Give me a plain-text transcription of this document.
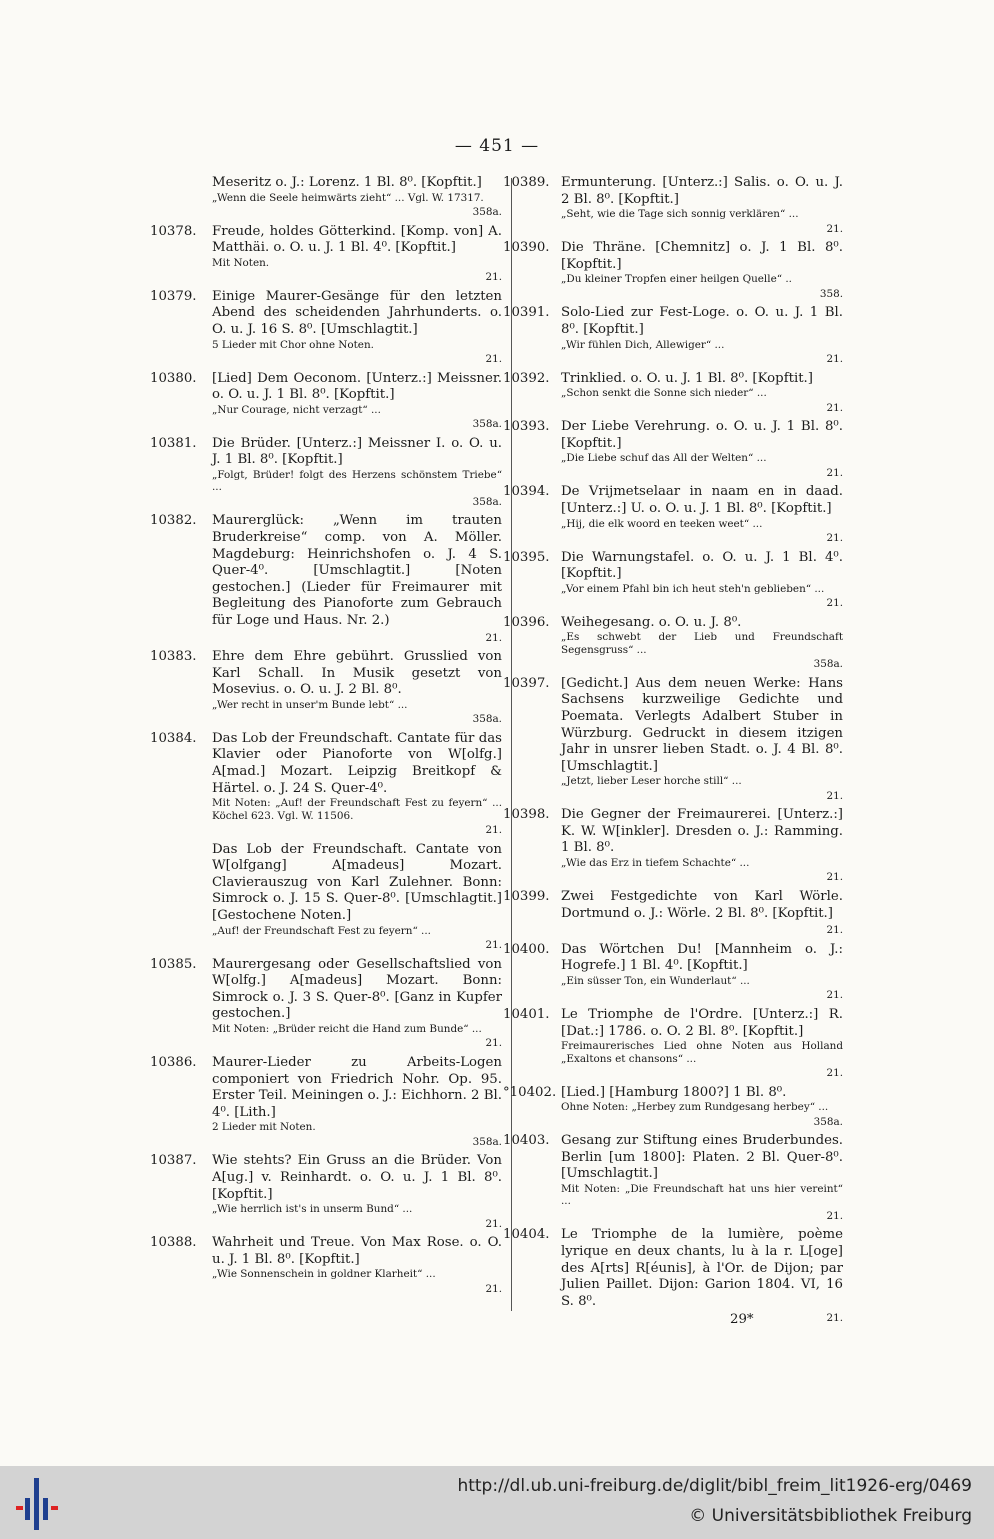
— 451 —
Meseritz o. J.: Lorenz. 1 Bl. 8⁰. [Kopftit.]
„Wenn die Seele heimwärts zieht“ ... Vgl. W. 17317.
358a.
10378.	Freude, holdes Götterkind. [Komp. von] A. Matthäi. o. O. u. J. 1 Bl. 4⁰. [Kopftit.]
Mit Noten.
21.
10379.	Einige Maurer-Gesänge für den letzten Abend des scheidenden Jahrhunderts. o. O. u. J. 16 S. 8⁰. [Umschlagtit.]
5 Lieder mit Chor ohne Noten.
21.
10380.	[Lied] Dem Oeconom. [Unterz.:] Meissner. o. O. u. J. 1 Bl. 8⁰. [Kopftit.]
„Nur Courage, nicht verzagt“ ...
358a.
10381.	Die Brüder. [Unterz.:] Meissner I. o. O. u. J. 1 Bl. 8⁰. [Kopftit.]
„Folgt, Brüder! folgt des Herzens schönstem Triebe“ ...
358a.
10382.	Maurerglück: „Wenn im trauten Bruderkreise“ comp. von A. Möller. Magdeburg: Heinrichshofen o. J. 4 S. Quer-4⁰. [Umschlagtit.] [Noten gestochen.] (Lieder für Freimaurer mit Begleitung des Pianoforte zum Gebrauch für Loge und Haus. Nr. 2.)
21.
10383.	Ehre dem Ehre gebührt. Grusslied von Karl Schall. In Musik gesetzt von Mosevius. o. O. u. J. 2 Bl. 8⁰.
„Wer recht in unser'm Bunde lebt“ ...
358a.
10384.	Das Lob der Freundschaft. Cantate für das Klavier oder Pianoforte von W[olfg.] A[mad.] Mozart. Leipzig Breitkopf & Härtel. o. J. 24 S. Quer-4⁰.
Mit Noten: „Auf! der Freundschaft Fest zu feyern“ ... Köchel 623. Vgl. W. 11506.
21.
Das Lob der Freundschaft. Cantate von W[olfgang] A[madeus] Mozart. Clavierauszug von Karl Zulehner. Bonn: Simrock o. J. 15 S. Quer-8⁰. [Umschlagtit.] [Gestochene Noten.]
„Auf! der Freundschaft Fest zu feyern“ ...
21.
10385.	Maurergesang oder Gesellschaftslied von W[olfg.] A[madeus] Mozart. Bonn: Simrock o. J. 3 S. Quer-8⁰. [Ganz in Kupfer gestochen.]
Mit Noten: „Brüder reicht die Hand zum Bunde“ ...
21.
10386.	Maurer-Lieder zu Arbeits-Logen componiert von Friedrich Nohr. Op. 95. Erster Teil. Meiningen o. J.: Eichhorn. 2 Bl. 4⁰. [Lith.]
2 Lieder mit Noten.
358a.
10387.	Wie stehts? Ein Gruss an die Brüder. Von A[ug.] v. Reinhardt. o. O. u. J. 1 Bl. 8⁰. [Kopftit.]
„Wie herrlich ist's in unserm Bund“ ...
21.
10388.	Wahrheit und Treue. Von Max Rose. o. O. u. J. 1 Bl. 8⁰. [Kopftit.]
„Wie Sonnenschein in goldner Klarheit“ ...
21.
10389. Ermunterung. [Unterz.:] Salis. o. O. u. J. 2 Bl. 8⁰. [Kopftit.]
„Seht, wie die Tage sich sonnig verklären“ ...
21.
10390. Die Thräne. [Chemnitz] o. J. 1 Bl. 8⁰. [Kopftit.]
„Du kleiner Tropfen einer heilgen Quelle“ ..
358.
10391. Solo-Lied zur Fest-Loge. o. O. u. J. 1 Bl. 8⁰. [Kopftit.]
„Wir fühlen Dich, Allewiger“ ...
21.
10392. Trinklied. o. O. u. J. 1 Bl. 8⁰. [Kopftit.]
„Schon senkt die Sonne sich nieder“ ...
21.
10393. Der Liebe Verehrung. o. O. u. J. 1 Bl. 8⁰. [Kopftit.]
„Die Liebe schuf das All der Welten“ ...
21.
10394. De Vrijmetselaar in naam en in daad. [Unterz.:] U. o. O. u. J. 1 Bl. 8⁰. [Kopftit.]
„Hij, die elk woord en teeken weet“ ...
21.
10395. Die Warnungstafel. o. O. u. J. 1 Bl. 4⁰. [Kopftit.]
„Vor einem Pfahl bin ich heut steh'n geblieben“ ...
21.
10396. Weihegesang. o. O. u. J. 8⁰.
„Es schwebt der Lieb und Freundschaft Segensgruss“ ...
358a.
10397. [Gedicht.] Aus dem neuen Werke: Hans Sachsens kurzweilige Gedichte und Poemata. Verlegts Adalbert Stuber in Würzburg. Gedruckt in diesem itzigen Jahr in unsrer lieben Stadt. o. J. 4 Bl. 8⁰. [Umschlagtit.]
„Jetzt, lieber Leser horche still“ ...
21.
10398. Die Gegner der Freimaurerei. [Unterz.:] K. W. W[inkler]. Dresden o. J.: Ramming. 1 Bl. 8⁰.
„Wie das Erz in tiefem Schachte“ ...
21.
10399. Zwei Festgedichte von Karl Wörle. Dortmund o. J.: Wörle. 2 Bl. 8⁰. [Kopftit.]
21.
10400. Das Wörtchen Du! [Mannheim o. J.: Hogrefe.] 1 Bl. 4⁰. [Kopftit.]
„Ein süsser Ton, ein Wunderlaut“ ...
21.
10401. Le Triomphe de l'Ordre. [Unterz.:] R. [Dat.:] 1786. o. O. 2 Bl. 8⁰. [Kopftit.]
Freimaurerisches Lied ohne Noten aus Holland „Exaltons et chansons“ ...
21.
°10402. [Lied.] [Hamburg 1800?] 1 Bl. 8⁰.
Ohne Noten: „Herbey zum Rundgesang herbey“ ...
358a.
10403. Gesang zur Stiftung eines Bruderbundes. Berlin [um 1800]: Platen. 2 Bl. Quer-8⁰. [Umschlagtit.]
Mit Noten: „Die Freundschaft hat uns hier vereint“ ...
21.
10404. Le Triomphe de la lumière, poème lyrique en deux chants, lu à la r. L[oge] des A[rts] R[éunis], à l'Or. de Dijon; par Julien Paillet. Dijon: Garion 1804. VI, 16 S. 8⁰.
21.
29*
http://dl.ub.uni-freiburg.de/diglit/bibl_freim_lit1926-erg/0469
© Universitätsbibliothek Freiburg
